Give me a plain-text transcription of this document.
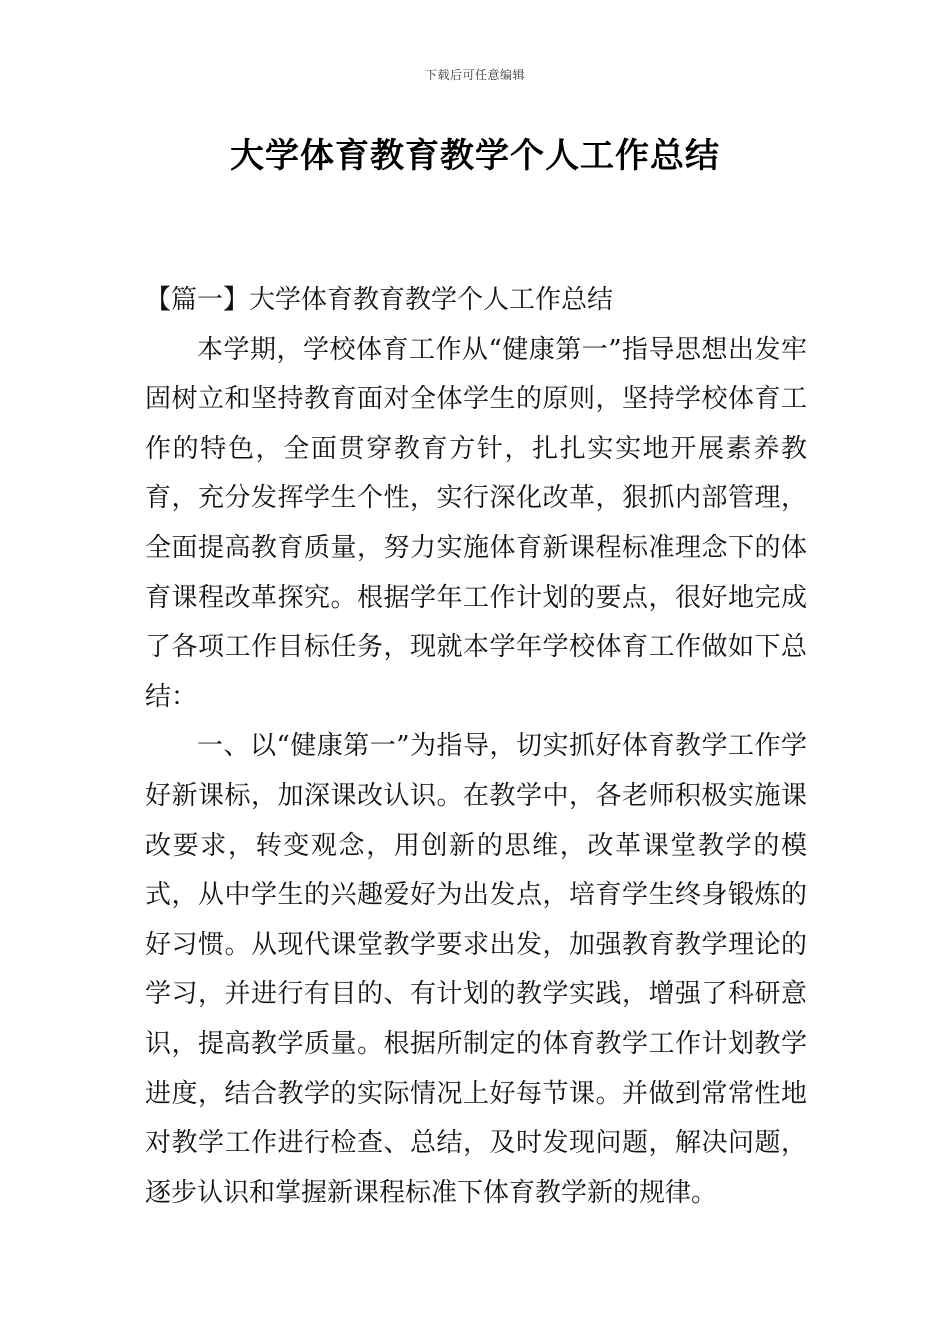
下载后可任意编辑
大学体育教育教学个人工作总结

【篇一】大学体育教育教学个人工作总结

本学期，学校体育工作从“健康第一”指导思想出发牢固树立和坚持教育面对全体学生的原则，坚持学校体育工作的特色，全面贯穿教育方针，扎扎实实地开展素养教育，充分发挥学生个性，实行深化改革，狠抓内部管理，全面提高教育质量，努力实施体育新课程标准理念下的体育课程改革探究。根据学年工作计划的要点，很好地完成了各项工作目标任务，现就本学年学校体育工作做如下总结：

一、以“健康第一”为指导，切实抓好体育教学工作学好新课标，加深课改认识。在教学中，各老师积极实施课改要求，转变观念，用创新的思维，改革课堂教学的模式，从中学生的兴趣爱好为出发点，培育学生终身锻炼的好习惯。从现代课堂教学要求出发，加强教育教学理论的学习，并进行有目的、有计划的教学实践，增强了科研意识，提高教学质量。根据所制定的体育教学工作计划教学进度，结合教学的实际情况上好每节课。并做到常常性地对教学工作进行检查、总结，及时发现问题，解决问题，逐步认识和掌握新课程标准下体育教学新的规律。
